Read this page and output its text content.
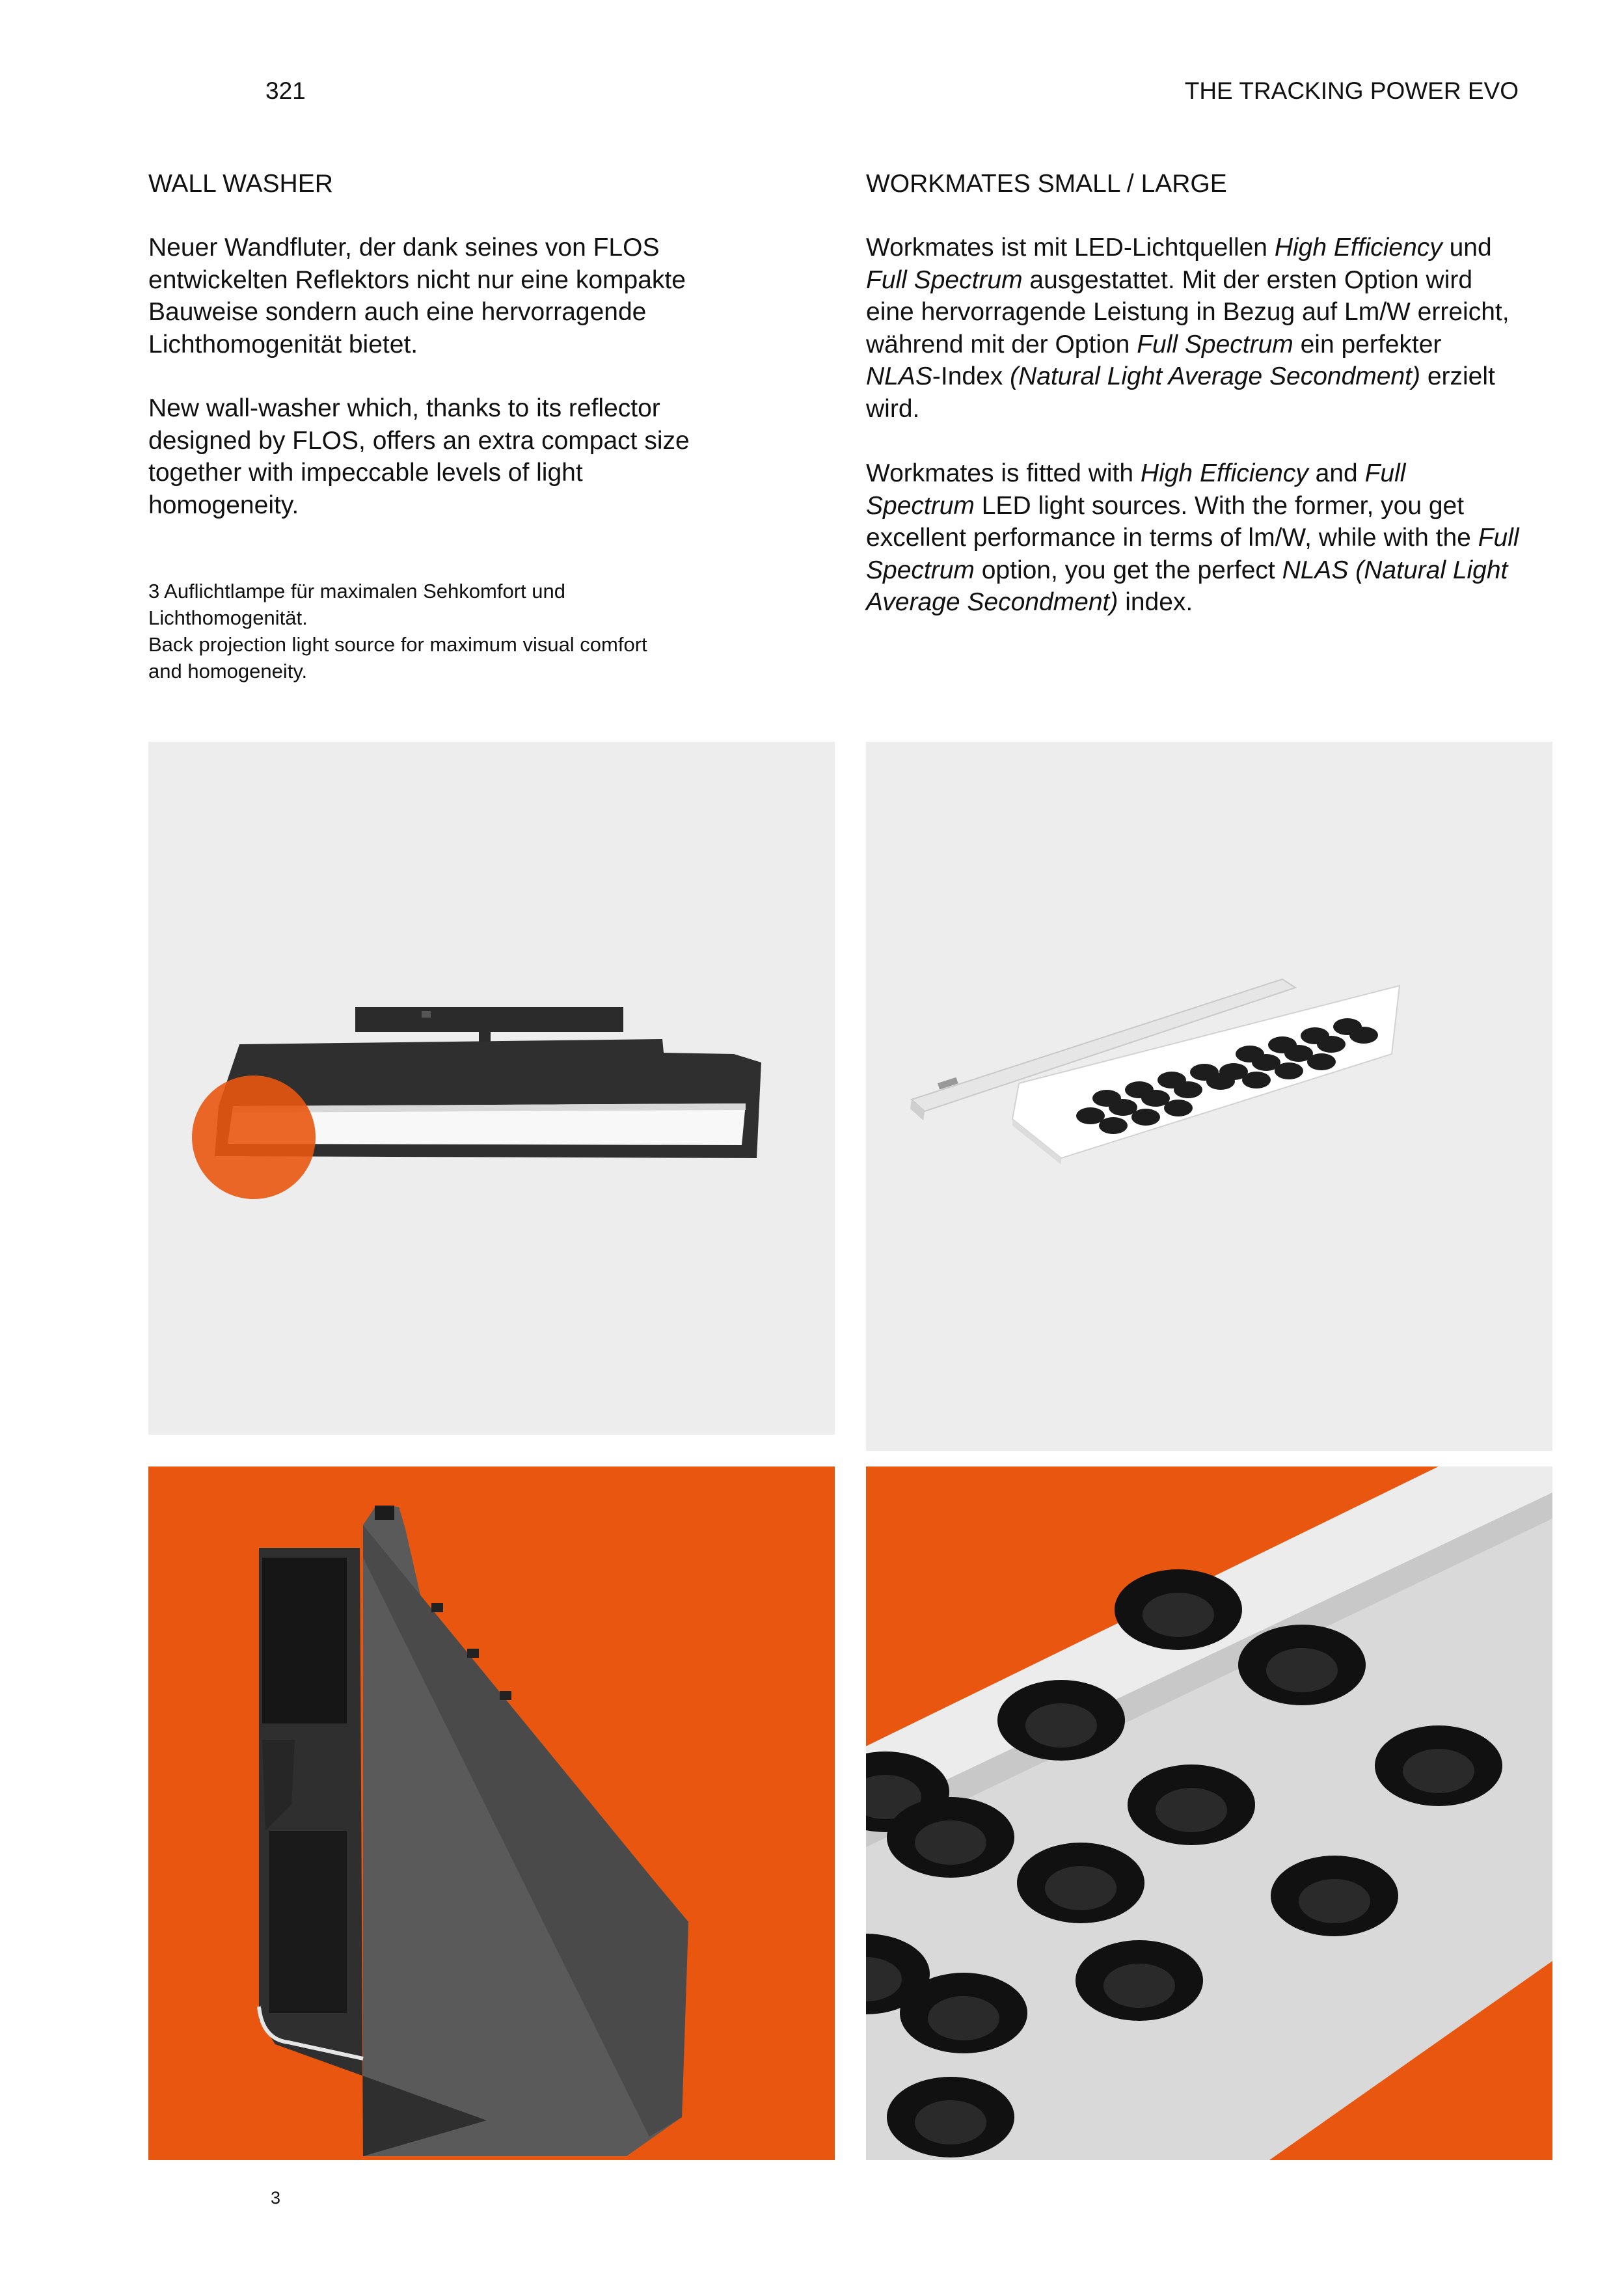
321	THE TRACKING POWER EVO
WALL WASHER

Neuer Wandfluter, der dank seines von FLOS entwickelten Reflektors nicht nur eine kompakte Bauweise sondern auch eine hervorragende Lichthomogenität bietet.

New wall-washer which, thanks to its reflector designed by FLOS, offers an extra compact size together with impeccable levels of light homogeneity.

3 Auflichtlampe für maximalen Sehkomfort und Lichthomogenität.

Back projection light source for maximum visual comfort and homogeneity.

WORKMATES SMALL / LARGE

Workmates ist mit LED-Lichtquellen High Efficiency und Full Spectrum ausgestattet. Mit der ersten Option wird eine hervorragende Leistung in Bezug auf Lm/W erreicht, während mit der Option Full Spectrum ein perfekter NLAS-Index (Natural Light Average Secondment) erzielt wird.

Workmates is fitted with High Efficiency and Full Spectrum LED light sources. With the former, you get excellent performance in terms of lm/W, while with the Full Spectrum option, you get the perfect NLAS (Natural Light Average Secondment) index.

3
